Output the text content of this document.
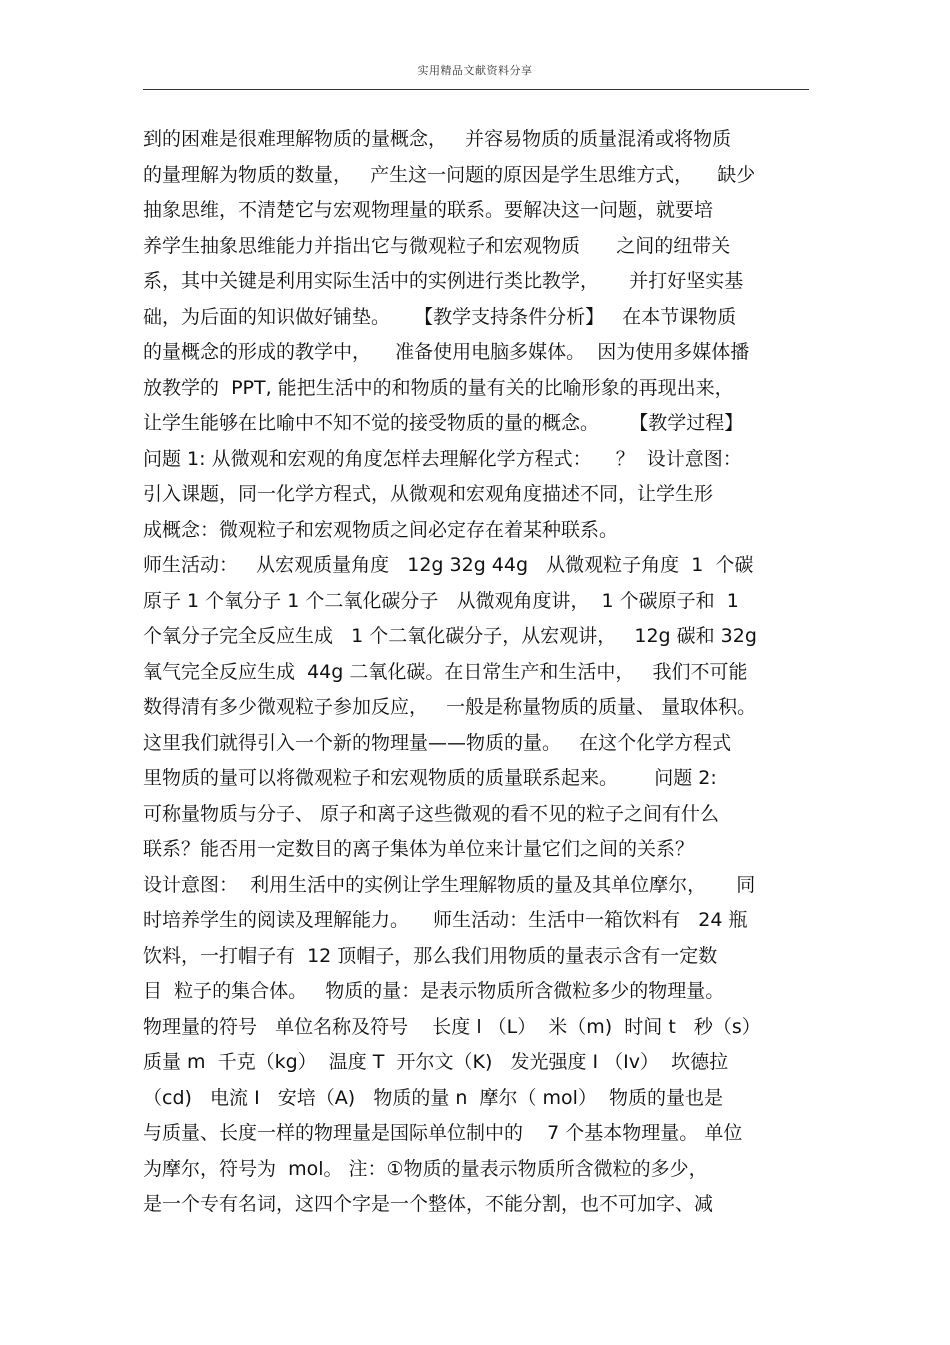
实用精品文献资料分享
到的困难是很难理解物质的量概念，   并容易物质的质量混淆或将物质
的量理解为物质的数量，   产生这一问题的原因是学生思维方式，    缺少
抽象思维，不清楚它与宏观物理量的联系。要解决这一问题，就要培
养学生抽象思维能力并指出它与微观粒子和宏观物质      之间的纽带关
系，其中关键是利用实际生活中的实例进行类比教学，     并打好坚实基
础，为后面的知识做好铺垫。    【教学支持条件分析】   在本节课物质
的量概念的形成的教学中，    准备使用电脑多媒体。  因为使用多媒体播
放教学的  PPT, 能把生活中的和物质的量有关的比喻形象的再现出来，
让学生能够在比喻中不知不觉的接受物质的量的概念。     【教学过程】
问题 1: 从微观和宏观的角度怎样去理解化学方程式：    ？  设计意图：
引入课题，同一化学方程式，从微观和宏观角度描述不同，让学生形
成概念：微观粒子和宏观物质之间必定存在着某种联系。
师生活动：   从宏观质量角度   12g 32g 44g   从微观粒子角度  1  个碳
原子 1 个氧分子 1 个二氧化碳分子   从微观角度讲，  1 个碳原子和  1
个氧分子完全反应生成   1 个二氧化碳分子，从宏观讲，   12g 碳和 32g
氧气完全反应生成  44g 二氧化碳。在日常生产和生活中，   我们不可能
数得清有多少微观粒子参加反应，   一般是称量物质的质量、 量取体积。
这里我们就得引入一个新的物理量——物质的量。   在这个化学方程式
里物质的量可以将微观粒子和宏观物质的质量联系起来。      问题 2:
可称量物质与分子、 原子和离子这些微观的看不见的粒子之间有什么
联系？能否用一定数目的离子集体为单位来计量它们之间的关系？
设计意图：  利用生活中的实例让学生理解物质的量及其单位摩尔，     同
时培养学生的阅读及理解能力。    师生活动：生活中一箱饮料有   24 瓶
饮料，一打帽子有  12 顶帽子，那么我们用物质的量表示含有一定数
目  粒子的集合体。   物质的量：是表示物质所含微粒多少的物理量。
物理量的符号   单位名称及符号    长度 l （L）  米（m)  时间 t   秒（s）
质量 m  千克（kg）  温度 T  开尔文（K)   发光强度 I （Iv）  坎德拉
（cd)   电流 I   安培（A)   物质的量 n  摩尔（ mol）  物质的量也是
与质量、长度一样的物理量是国际单位制中的    7 个基本物理量。 单位
为摩尔，符号为  mol。 注：①物质的量表示物质所含微粒的多少，
是一个专有名词，这四个字是一个整体，不能分割，也不可加字、减
